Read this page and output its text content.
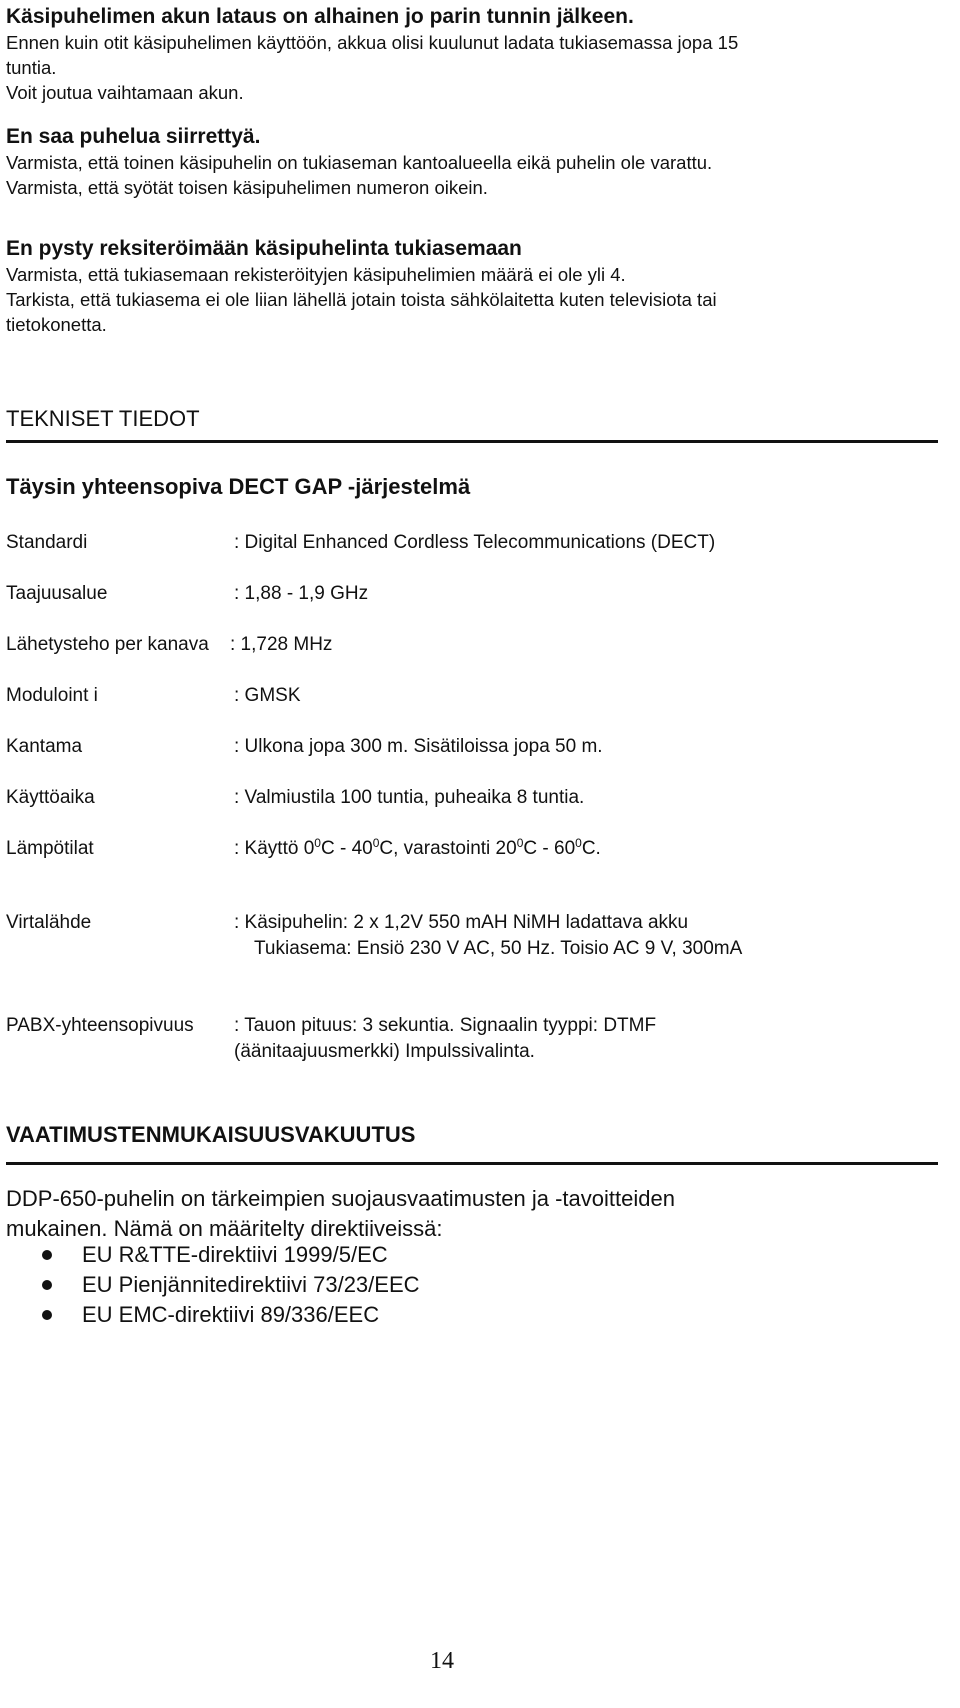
Käsipuhelimen akun lataus on alhainen jo parin tunnin jälkeen.

Ennen kuin otit käsipuhelimen käyttöön, akkua olisi kuulunut ladata tukiasemassa jopa 15

tuntia.

Voit joutua vaihtamaan akun.

En saa puhelua siirrettyä.

Varmista, että toinen käsipuhelin on tukiaseman kantoalueella eikä puhelin ole varattu.

Varmista, että syötät toisen käsipuhelimen numeron oikein.

En pysty reksiteröimään käsipuhelinta tukiasemaan

Varmista, että tukiasemaan rekisteröityjen käsipuhelimien määrä ei ole yli 4.

Tarkista, että tukiasema ei ole liian lähellä jotain toista sähkölaitetta kuten televisiota tai

tietokonetta.

TEKNISET TIEDOT
Täysin yhteensopiva DECT GAP -järjestelmä
Standardi	: Digital Enhanced Cordless Telecommunications (DECT)
Taajuusalue	: 1,88 - 1,9 GHz
Lähetysteho per kanava : 1,728 MHz
Moduloint i	: GMSK
Kantama	: Ulkona jopa 300 m. Sisätiloissa jopa 50 m.
Käyttöaika	: Valmiustila 100 tuntia, puheaika 8 tuntia.
Lämpötilat	: Käyttö $0^0C - 40^0C$, varastointi $20^0C - 60^0C$.
Virtalähde	: Käsipuhelin: 2 x 1,2V 550 mAH NiMH ladattava akku
Tukiasema: Ensiö 230 V AC, 50 Hz. Toisio AC 9 V, 300mA
PABX-yhteensopivuus : Tauon pituus: 3 sekuntia. Signaalin tyyppi: DTMF
(äänitaajuusmerkki) Impulssivalinta.
VAATIMUSTENMUKAISUUSVAKUUTUS

DDP-650-puhelin on tärkeimpien suojausvaatimusten ja -tavoitteiden
mukainen. Nämä on määritelty direktiiveissä:

EU R&TTE-direktiivi 1999/5/EC
EU Pienjännitedirektiivi 73/23/EEC
EU EMC-direktiivi 89/336/EEC
14
